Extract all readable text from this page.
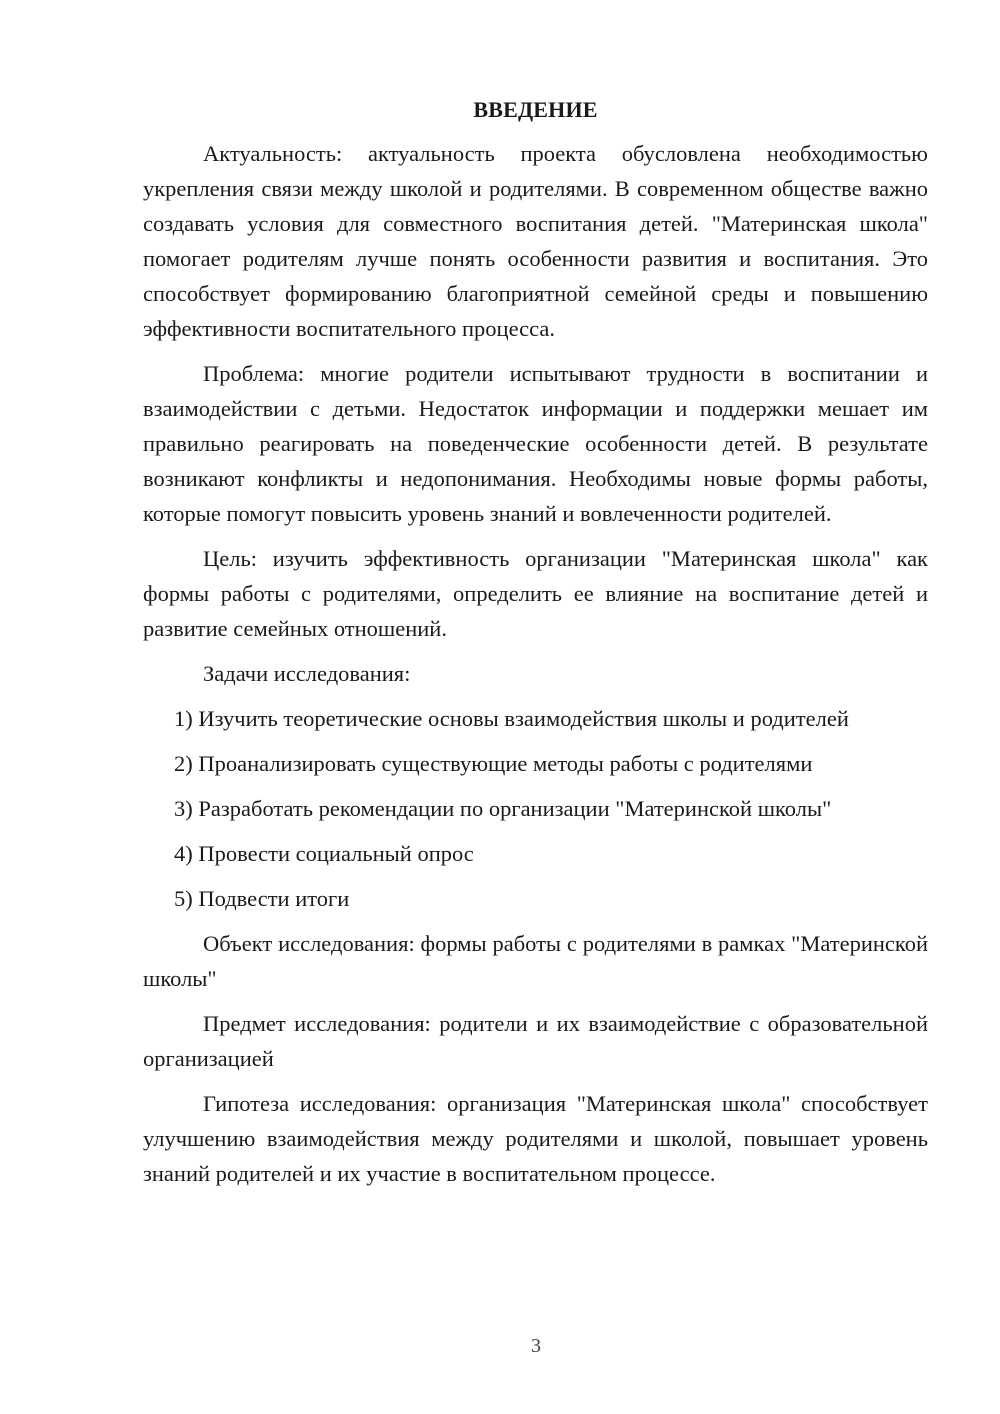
ВВЕДЕНИЕ

Актуальность: актуальность проекта обусловлена необходимостью укрепления связи между школой и родителями. В современном обществе важно создавать условия для совместного воспитания детей. "Материнская школа" помогает родителям лучше понять особенности развития и воспитания. Это способствует формированию благоприятной семейной среды и повышению эффективности воспитательного процесса.

Проблема: многие родители испытывают трудности в воспитании и взаимодействии с детьми. Недостаток информации и поддержки мешает им правильно реагировать на поведенческие особенности детей. В результате возникают конфликты и недопонимания. Необходимы новые формы работы, которые помогут повысить уровень знаний и вовлеченности родителей.

Цель: изучить эффективность организации "Материнская школа" как формы работы с родителями, определить ее влияние на воспитание детей и развитие семейных отношений.

Задачи исследования:

1) Изучить теоретические основы взаимодействия школы и родителей
2) Проанализировать существующие методы работы с родителями
3) Разработать рекомендации по организации "Материнской школы"
4) Провести социальный опрос
5) Подвести итоги

Объект исследования: формы работы с родителями в рамках "Материнской школы"

Предмет исследования: родители и их взаимодействие с образовательной организацией

Гипотеза исследования: организация "Материнская школа" способствует улучшению взаимодействия между родителями и школой, повышает уровень знаний родителей и их участие в воспитательном процессе.

3
